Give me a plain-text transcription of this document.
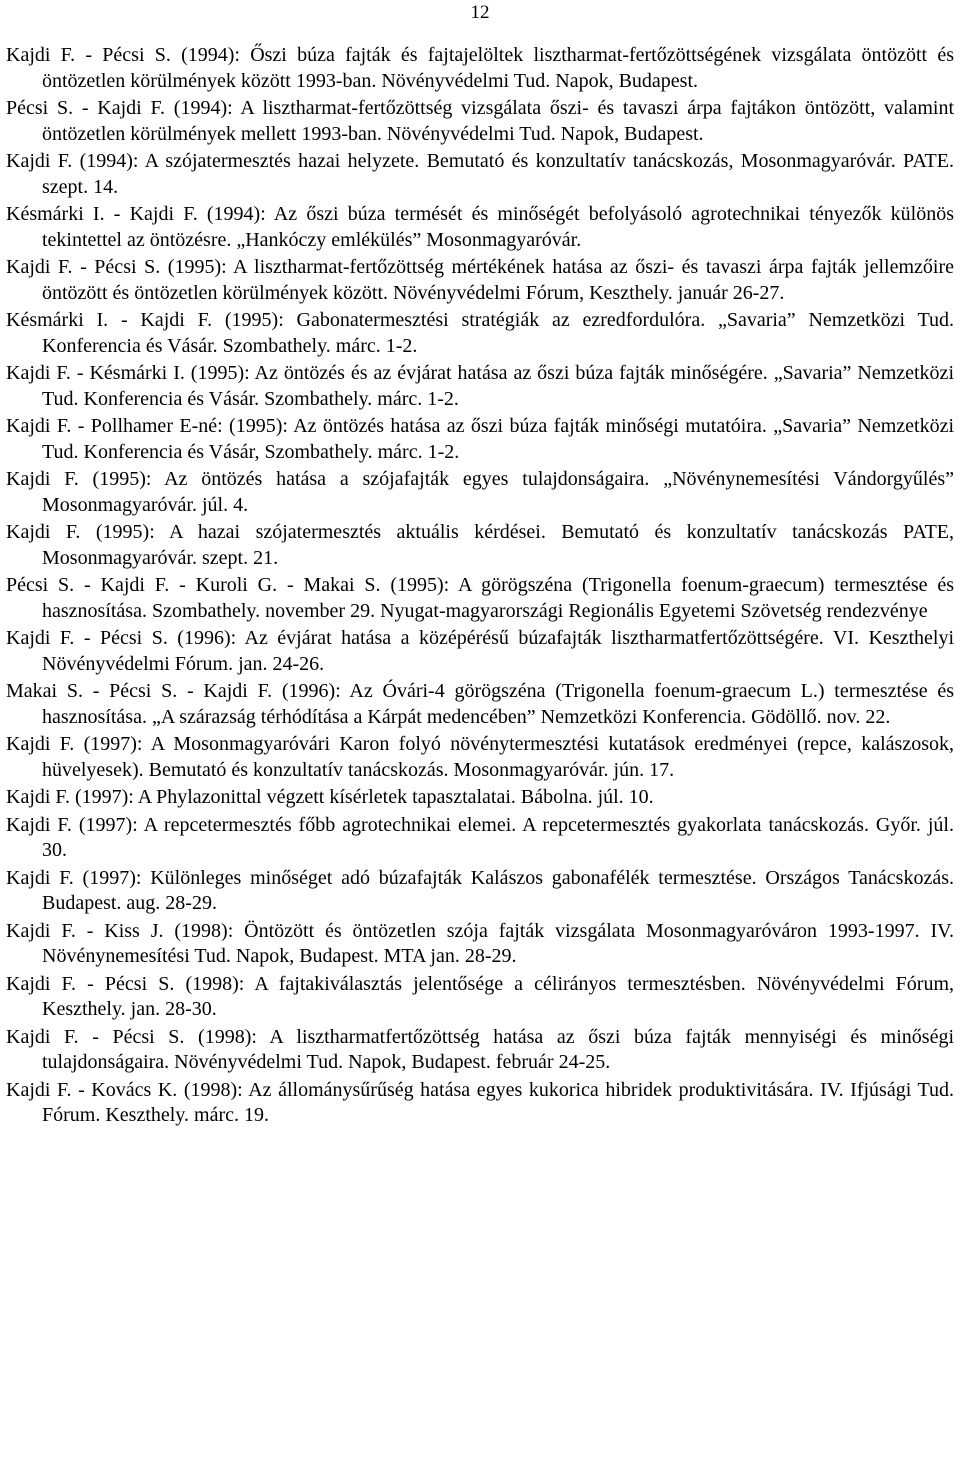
12

Kajdi F. - Pécsi S. (1994): Őszi búza fajták és fajtajelöltek lisztharmat-fertőzöttségének vizsgálata öntözött és öntözetlen körülmények között 1993-ban. Növényvédelmi Tud. Napok, Budapest.

Pécsi S. - Kajdi F. (1994): A lisztharmat-fertőzöttség vizsgálata őszi- és tavaszi árpa fajtákon öntözött, valamint öntözetlen körülmények mellett 1993-ban. Növényvédelmi Tud. Napok, Budapest.

Kajdi F. (1994): A szójatermesztés hazai helyzete. Bemutató és konzultatív tanácskozás, Mosonmagyaróvár. PATE. szept. 14.

Késmárki I. - Kajdi F. (1994): Az őszi búza termését és minőségét befolyásoló agrotechnikai tényezők különös tekintettel az öntözésre. „Hankóczy emlékülés” Mosonmagyaróvár.

Kajdi F. - Pécsi S. (1995): A lisztharmat-fertőzöttség mértékének hatása az őszi- és tavaszi árpa fajták jellemzőire öntözött és öntözetlen körülmények között. Növényvédelmi Fórum, Keszthely. január 26-27.

Késmárki I. - Kajdi F. (1995): Gabonatermesztési stratégiák az ezredfordulóra. „Savaria” Nemzetközi Tud. Konferencia és Vásár. Szombathely. márc. 1-2.

Kajdi F. - Késmárki I. (1995): Az öntözés és az évjárat hatása az őszi búza fajták minőségére. „Savaria” Nemzetközi Tud. Konferencia és Vásár. Szombathely. márc. 1-2.

Kajdi F. - Pollhamer E-né: (1995): Az öntözés hatása az őszi búza fajták minőségi mutatóira. „Savaria” Nemzetközi Tud. Konferencia és Vásár, Szombathely. márc. 1-2.

Kajdi F. (1995): Az öntözés hatása a szójafajták egyes tulajdonságaira. „Növénynemesítési Vándorgyűlés” Mosonmagyaróvár. júl. 4.

Kajdi F. (1995): A hazai szójatermesztés aktuális kérdései. Bemutató és konzultatív tanácskozás PATE, Mosonmagyaróvár. szept. 21.

Pécsi S. - Kajdi F. - Kuroli G. - Makai S. (1995): A görögszéna (Trigonella foenum-graecum) termesztése és hasznosítása. Szombathely. november 29. Nyugat-magyarországi Regionális Egyetemi Szövetség rendezvénye

Kajdi F. - Pécsi S. (1996): Az évjárat hatása a középérésű búzafajták lisztharmatfertőzöttségére. VI. Keszthelyi Növényvédelmi Fórum. jan. 24-26.

Makai S. - Pécsi S. - Kajdi F. (1996): Az Óvári-4 görögszéna (Trigonella foenum-graecum L.) termesztése és hasznosítása. „A szárazság térhódítása a Kárpát medencében” Nemzetközi Konferencia. Gödöllő. nov. 22.

Kajdi F. (1997): A Mosonmagyaróvári Karon folyó növénytermesztési kutatások eredményei (repce, kalászosok, hüvelyesek). Bemutató és konzultatív tanácskozás. Mosonmagyaróvár. jún. 17.

Kajdi F. (1997): A Phylazonittal végzett kísérletek tapasztalatai. Bábolna. júl. 10.

Kajdi F. (1997): A repcetermesztés főbb agrotechnikai elemei. A repcetermesztés gyakorlata tanácskozás. Győr. júl. 30.

Kajdi F. (1997): Különleges minőséget adó búzafajták Kalászos gabonafélék termesztése. Országos Tanácskozás. Budapest. aug. 28-29.

Kajdi F. - Kiss J. (1998): Öntözött és öntözetlen szója fajták vizsgálata Mosonmagyaróváron 1993-1997. IV. Növénynemesítési Tud. Napok, Budapest. MTA jan. 28-29.

Kajdi F. - Pécsi S. (1998): A fajtakiválasztás jelentősége a célirányos termesztésben. Növényvédelmi Fórum, Keszthely. jan. 28-30.

Kajdi F. - Pécsi S. (1998): A lisztharmatfertőzöttség hatása az őszi búza fajták mennyiségi és minőségi tulajdonságaira. Növényvédelmi Tud. Napok, Budapest. február 24-25.

Kajdi F. - Kovács K. (1998): Az állománysűrűség hatása egyes kukorica hibridek produktivitására. IV. Ifjúsági Tud. Fórum. Keszthely. márc. 19.
